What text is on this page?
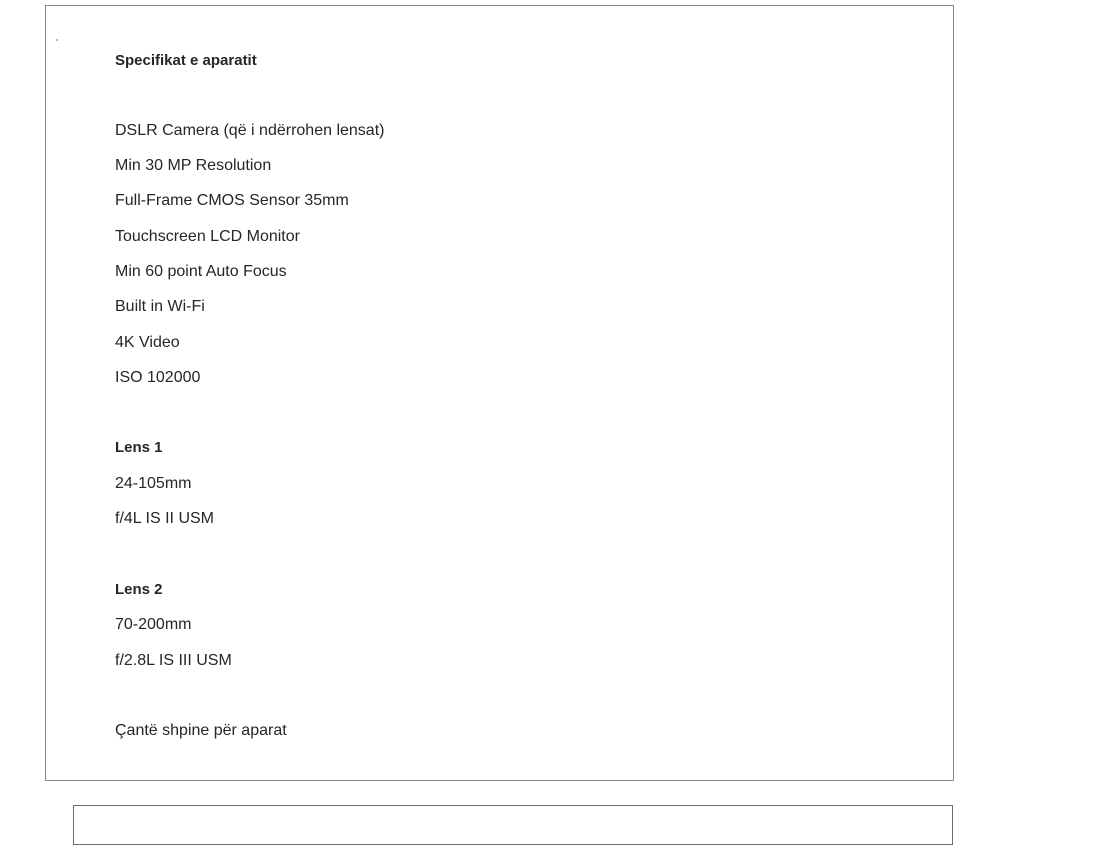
Specifikat e aparatit
DSLR Camera (që i ndërrohen lensat)
Min 30 MP Resolution
Full-Frame CMOS Sensor 35mm
Touchscreen LCD Monitor
Min 60 point Auto Focus
Built in Wi-Fi
4K Video
ISO 102000
Lens 1
24-105mm
f/4L IS II USM
Lens 2
70-200mm
f/2.8L IS III USM
Çantë shpine për aparat
